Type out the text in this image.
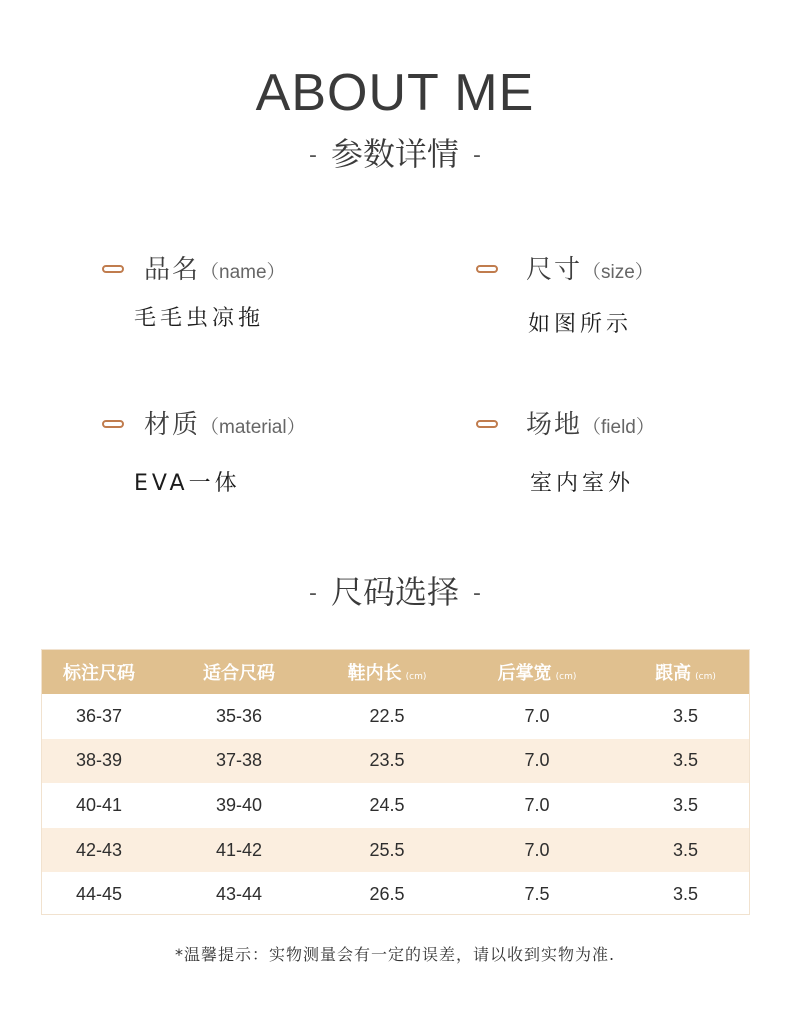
ABOUT ME
- 参数详情 -
品名（name）
毛毛虫凉拖
尺寸（size）
如图所示
材质（material）
EVA一体
场地（field）
室内室外
- 尺码选择 -
标注尺码	适合尺码	鞋内长 (cm)	后掌宽 (cm)	跟高 (cm)
36-37	35-36	22.5	7.0	3.5
38-39	37-38	23.5	7.0	3.5
40-41	39-40	24.5	7.0	3.5
42-43	41-42	25.5	7.0	3.5
44-45	43-44	26.5	7.5	3.5
*温馨提示：实物测量会有一定的误差，请以收到实物为准.
